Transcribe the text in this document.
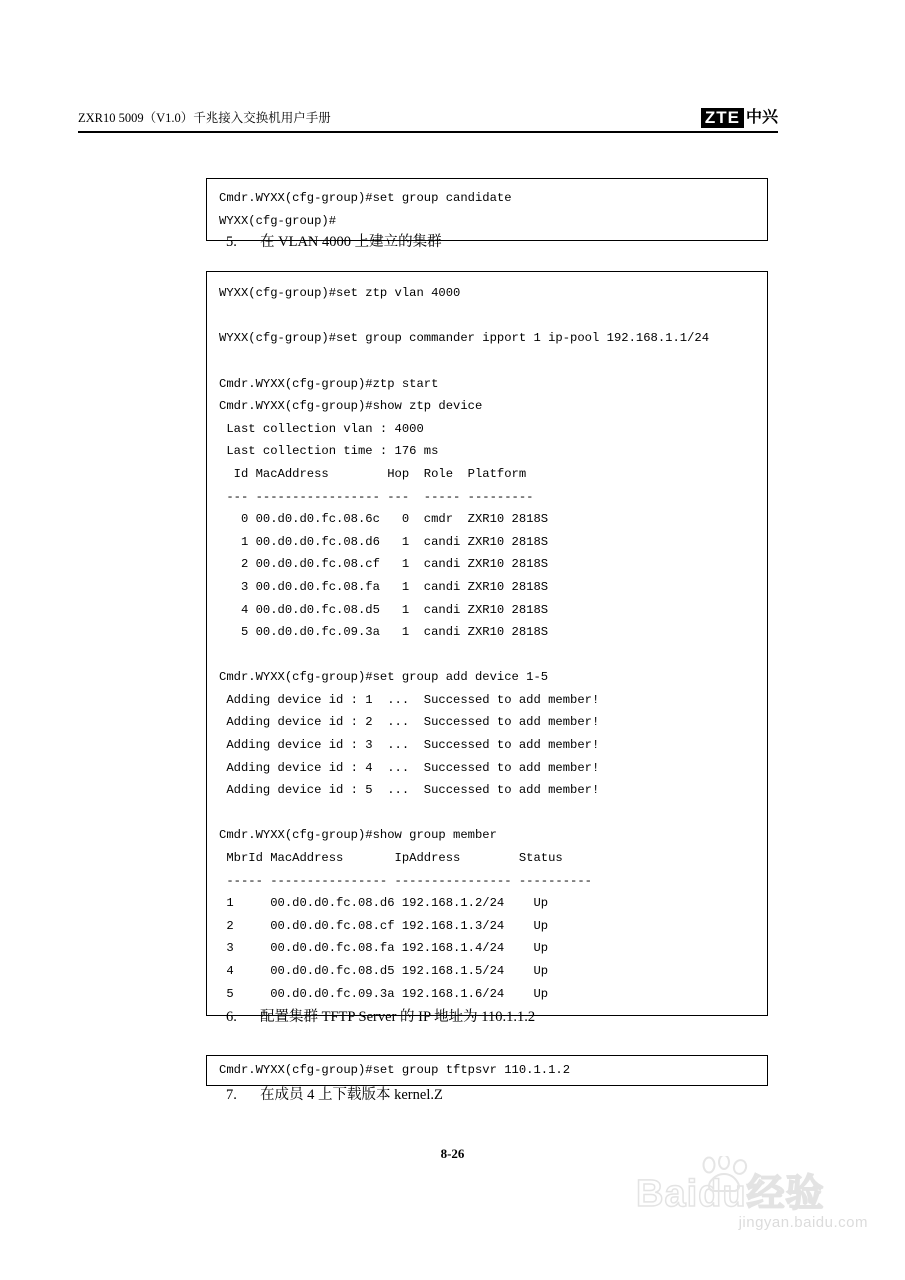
ZXR10 5009（V1.0）千兆接入交换机用户手册	ZTE 中兴
Cmdr.WYXX(cfg-group)#set group candidate
WYXX(cfg-group)#
5. 在 VLAN 4000 上建立的集群
WYXX(cfg-group)#set ztp vlan 4000

WYXX(cfg-group)#set group commander ipport 1 ip-pool 192.168.1.1/24

Cmdr.WYXX(cfg-group)#ztp start
Cmdr.WYXX(cfg-group)#show ztp device
Last collection vlan : 4000
Last collection time : 176 ms
Id MacAddress        Hop  Role  Platform
--- ----------------- ---  ----- ---------
0 00.d0.d0.fc.08.6c   0  cmdr  ZXR10 2818S
1 00.d0.d0.fc.08.d6   1  candi ZXR10 2818S
2 00.d0.d0.fc.08.cf   1  candi ZXR10 2818S
3 00.d0.d0.fc.08.fa   1  candi ZXR10 2818S
4 00.d0.d0.fc.08.d5   1  candi ZXR10 2818S
5 00.d0.d0.fc.09.3a   1  candi ZXR10 2818S

Cmdr.WYXX(cfg-group)#set group add device 1-5
Adding device id : 1  ...  Successed to add member!
Adding device id : 2  ...  Successed to add member!
Adding device id : 3  ...  Successed to add member!
Adding device id : 4  ...  Successed to add member!
Adding device id : 5  ...  Successed to add member!

Cmdr.WYXX(cfg-group)#show group member
MbrId MacAddress       IpAddress        Status
----- ---------------- ---------------- ----------
1     00.d0.d0.fc.08.d6 192.168.1.2/24    Up
2     00.d0.d0.fc.08.cf 192.168.1.3/24    Up
3     00.d0.d0.fc.08.fa 192.168.1.4/24    Up
4     00.d0.d0.fc.08.d5 192.168.1.5/24    Up
5     00.d0.d0.fc.09.3a 192.168.1.6/24    Up
6. 配置集群 TFTP Server 的 IP 地址为 110.1.1.2
Cmdr.WYXX(cfg-group)#set group tftpsvr 110.1.1.2
7. 在成员 4 上下载版本 kernel.Z
8-26
Baidu经验
jingyan.baidu.com
